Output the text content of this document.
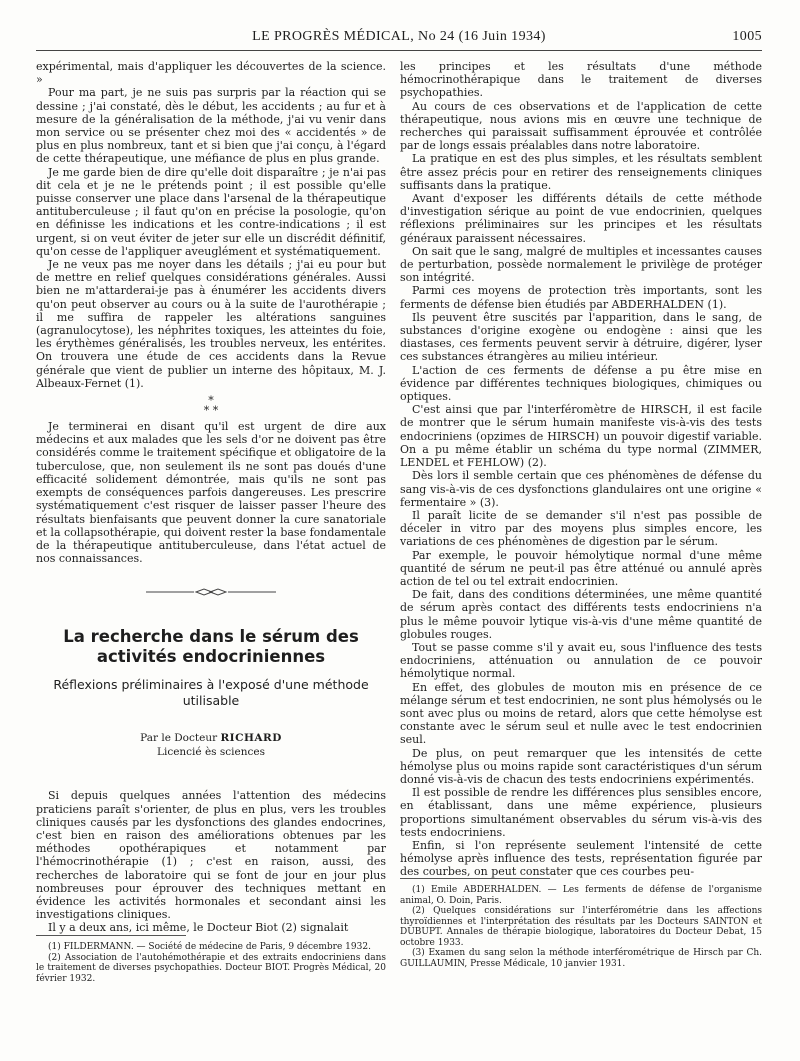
LE PROGRÈS MÉDICAL, No 24 (16 Juin 1934)	1005

expérimental, mais d'appliquer les découvertes de la science. »

Pour ma part, je ne suis pas surpris par la réaction qui se dessine ; j'ai constaté, dès le début, les accidents ; au fur et à mesure de la généralisation de la méthode, j'ai vu venir dans mon service ou se présenter chez moi des « accidentés » de plus en plus nombreux, tant et si bien que j'ai conçu, à l'égard de cette thérapeutique, une méfiance de plus en plus grande.

Je me garde bien de dire qu'elle doit disparaître ; je n'ai pas dit cela et je ne le prétends point ; il est possible qu'elle puisse conserver une place dans l'arsenal de la thérapeutique antituberculeuse ; il faut qu'on en précise la posologie, qu'on en définisse les indications et les contre-indications ; il est urgent, si on veut éviter de jeter sur elle un discrédit définitif, qu'on cesse de l'appliquer aveuglément et systématiquement.

Je ne veux pas me noyer dans les détails ; j'ai eu pour but de mettre en relief quelques considérations générales. Aussi bien ne m'attarderai-je pas à énumérer les accidents divers qu'on peut observer au cours ou à la suite de l'aurothérapie ; il me suffira de rappeler les altérations sanguines (agranulocytose), les néphrites toxiques, les atteintes du foie, les érythèmes généralisés, les troubles nerveux, les entérites. On trouvera une étude de ces accidents dans la Revue générale que vient de publier un interne des hôpitaux, M. J. Albeaux-Fernet (1).

*
* *

Je terminerai en disant qu'il est urgent de dire aux médecins et aux malades que les sels d'or ne doivent pas être considérés comme le traitement spécifique et obligatoire de la tuberculose, que, non seulement ils ne sont pas doués d'une efficacité solidement démontrée, mais qu'ils ne sont pas exempts de conséquences parfois dangereuses. Les prescrire systématiquement c'est risquer de laisser passer l'heure des résultats bienfaisants que peuvent donner la cure sanatoriale et la collapsothérapie, qui doivent rester la base fondamentale de la thérapeutique antituberculeuse, dans l'état actuel de nos connaissances.

La recherche dans le sérum des activités endocriniennes
Réflexions préliminaires à l'exposé d'une méthode utilisable
Par le Docteur RICHARD
Licencié ès sciences

Si depuis quelques années l'attention des médecins praticiens paraît s'orienter, de plus en plus, vers les troubles cliniques causés par les dysfonctions des glandes endocrines, c'est bien en raison des améliorations obtenues par les méthodes opothérapiques et notamment par l'hémocrinothérapie (1) ; c'est en raison, aussi, des recherches de laboratoire qui se font de jour en jour plus nombreuses pour éprouver des techniques mettant en évidence les activités hormonales et secondant ainsi les investigations cliniques.

Il y a deux ans, ici même, le Docteur Biot (2) signalait

(1) FILDERMANN. — Société de médecine de Paris, 9 décembre 1932.

(2) Association de l'autohémothérapie et des extraits endocriniens dans le traitement de diverses psychopathies. Docteur BIOT. Progrès Médical, 20 février 1932.

les principes et les résultats d'une méthode hémocrinothérapique dans le traitement de diverses psychopathies.

Au cours de ces observations et de l'application de cette thérapeutique, nous avions mis en œuvre une technique de recherches qui paraissait suffisamment éprouvée et contrôlée par de longs essais préalables dans notre laboratoire.

La pratique en est des plus simples, et les résultats semblent être assez précis pour en retirer des renseignements cliniques suffisants dans la pratique.

Avant d'exposer les différents détails de cette méthode d'investigation sérique au point de vue endocrinien, quelques réflexions préliminaires sur les principes et les résultats généraux paraissent nécessaires.

On sait que le sang, malgré de multiples et incessantes causes de perturbation, possède normalement le privilège de protéger son intégrité.

Parmi ces moyens de protection très importants, sont les ferments de défense bien étudiés par ABDERHALDEN (1).

Ils peuvent être suscités par l'apparition, dans le sang, de substances d'origine exogène ou endogène : ainsi que les diastases, ces ferments peuvent servir à détruire, digérer, lyser ces substances étrangères au milieu intérieur.

L'action de ces ferments de défense a pu être mise en évidence par différentes techniques biologiques, chimiques ou optiques.

C'est ainsi que par l'interféromètre de HIRSCH, il est facile de montrer que le sérum humain manifeste vis-à-vis des tests endocriniens (opzimes de HIRSCH) un pouvoir digestif variable. On a pu même établir un schéma du type normal (ZIMMER, LENDEL et FEHLOW) (2).

Dès lors il semble certain que ces phénomènes de défense du sang vis-à-vis de ces dysfonctions glandulaires ont une origine « fermentaire » (3).

Il paraît licite de se demander s'il n'est pas possible de déceler in vitro par des moyens plus simples encore, les variations de ces phénomènes de digestion par le sérum.

Par exemple, le pouvoir hémolytique normal d'une même quantité de sérum ne peut-il pas être atténué ou annulé après action de tel ou tel extrait endocrinien.

De fait, dans des conditions déterminées, une même quantité de sérum après contact des différents tests endocriniens n'a plus le même pouvoir lytique vis-à-vis d'une même quantité de globules rouges.

Tout se passe comme s'il y avait eu, sous l'influence des tests endocriniens, atténuation ou annulation de ce pouvoir hémolytique normal.

En effet, des globules de mouton mis en présence de ce mélange sérum et test endocrinien, ne sont plus hémolysés ou le sont avec plus ou moins de retard, alors que cette hémolyse est constante avec le sérum seul et nulle avec le test endocrinien seul.

De plus, on peut remarquer que les intensités de cette hémolyse plus ou moins rapide sont caractéristiques d'un sérum donné vis-à-vis de chacun des tests endocriniens expérimentés.

Il est possible de rendre les différences plus sensibles encore, en établissant, dans une même expérience, plusieurs proportions simultanément observables du sérum vis-à-vis des tests endocriniens.

Enfin, si l'on représente seulement l'intensité de cette hémolyse après influence des tests, représentation figurée par des courbes, on peut constater que ces courbes peu-

(1) Emile ABDERHALDEN. — Les ferments de défense de l'organisme animal, O. Doin, Paris.

(2) Quelques considérations sur l'interférométrie dans les affections thyroïdiennes et l'interprétation des résultats par les Docteurs SAINTON et DUBUPT. Annales de thérapie biologique, laboratoires du Docteur Debat, 15 octobre 1933.

(3) Examen du sang selon la méthode interférométrique de Hirsch par Ch. GUILLAUMIN, Presse Médicale, 10 janvier 1931.
